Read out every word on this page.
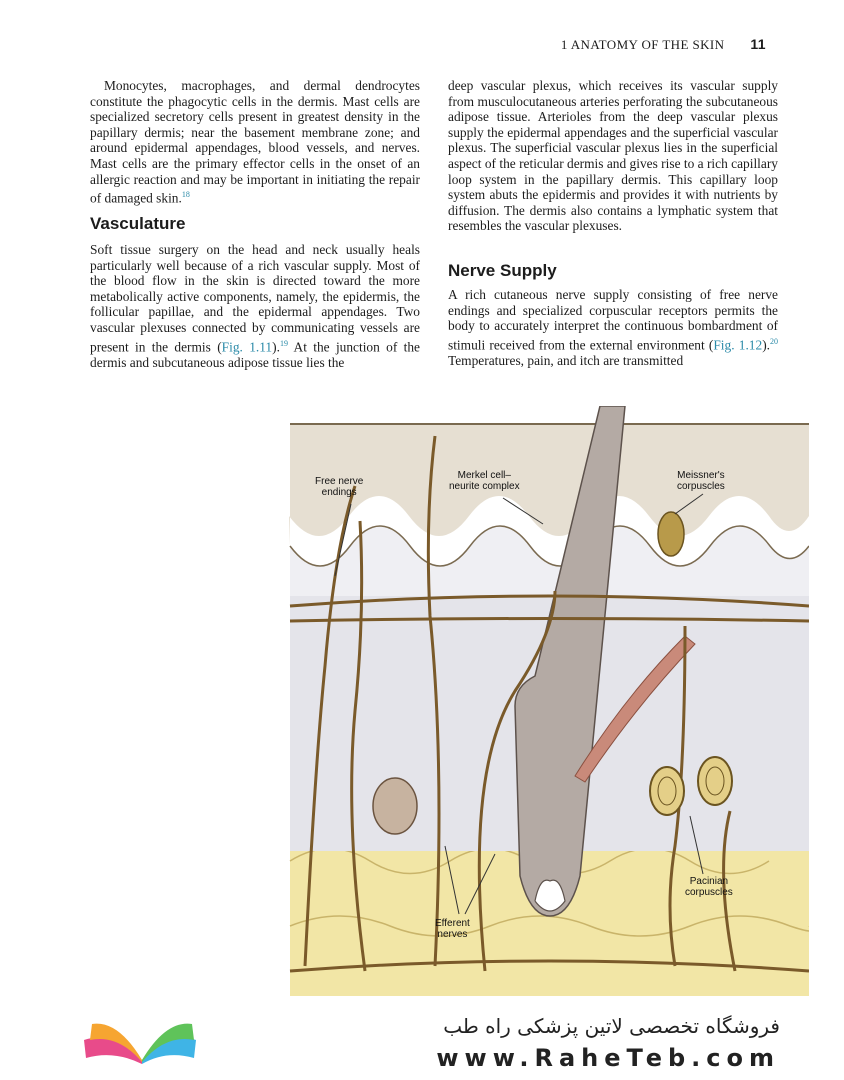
1 ANATOMY OF THE SKIN 11

Monocytes, macrophages, and dermal dendrocytes constitute the phagocytic cells in the dermis. Mast cells are specialized secretory cells present in greatest density in the papillary dermis; near the basement membrane zone; and around epidermal appendages, blood vessels, and nerves. Mast cells are the primary effector cells in the onset of an allergic reaction and may be important in initiating the repair of damaged skin.$^{18}$

Vasculature

Soft tissue surgery on the head and neck usually heals particularly well because of a rich vascular supply. Most of the blood flow in the skin is directed toward the more metabolically active components, namely, the epidermis, the follicular papillae, and the epidermal appendages. Two vascular plexuses connected by communicating vessels are present in the dermis (Fig. 1.11).$^{19}$ At the junction of the dermis and subcutaneous adipose tissue lies the

deep vascular plexus, which receives its vascular supply from musculocutaneous arteries perforating the subcutaneous adipose tissue. Arterioles from the deep vascular plexus supply the epidermal appendages and the superficial vascular plexus. The superficial vascular plexus lies in the superficial aspect of the reticular dermis and gives rise to a rich capillary loop system in the papillary dermis. This capillary loop system abuts the epidermis and provides it with nutrients by diffusion. The dermis also contains a lymphatic system that resembles the vascular plexuses.

Nerve Supply

A rich cutaneous nerve supply consisting of free nerve endings and specialized corpuscular receptors permits the body to accurately interpret the continuous bombardment of stimuli received from the external environment (Fig. 1.12).$^{20}$ Temperatures, pain, and itch are transmitted

Free nerve
endings
Merkel cell–
neurite complex
Meissner's
corpuscles
Pacinian
corpuscles
Efferent
nerves
فروشگاه تخصصی لاتین پزشکی راه طب
www.RaheTeb.com
